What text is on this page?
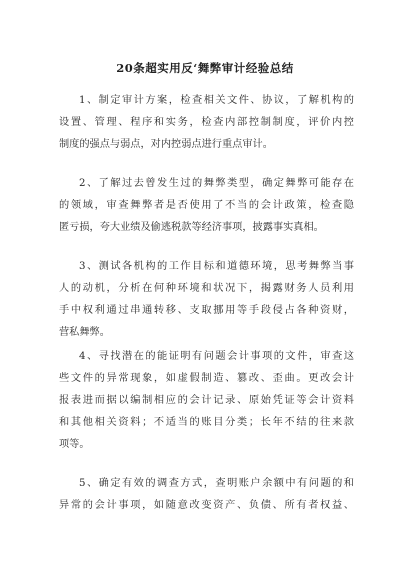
20条超实用反‘舞弊审计经验总结
1、制定审计方案，检查相关文件、协议，了解机构的
设置、管理、程序和实务，检查内部控制制度，评价内控
制度的强点与弱点，对内控弱点进行重点审计。
2、了解过去曾发生过的舞弊类型，确定舞弊可能存在
的领域，审查舞弊者是否使用了不当的会计政策，检查隐
匿亏损，夸大业绩及偷逃税款等经济事项，披露事实真相。
3、测试各机构的工作目标和道德环境，思考舞弊当事
人的动机，分析在何种环境和状况下，揭露财务人员利用
手中权利通过串通转移、支取挪用等手段侵占各种资财，
营私舞弊。
4、寻找潜在的能证明有问题会计事项的文件，审查这
些文件的异常现象，如虚假制造、篡改、歪曲。更改会计
报表进而据以编制相应的会计记录、原始凭证等会计资料
和其他相关资料；不适当的账目分类；长年不结的往来款
项等。
5、确定有效的调查方式，查明账户余额中有问题的和
异常的会计事项，如随意改变资产、负债、所有者权益、
